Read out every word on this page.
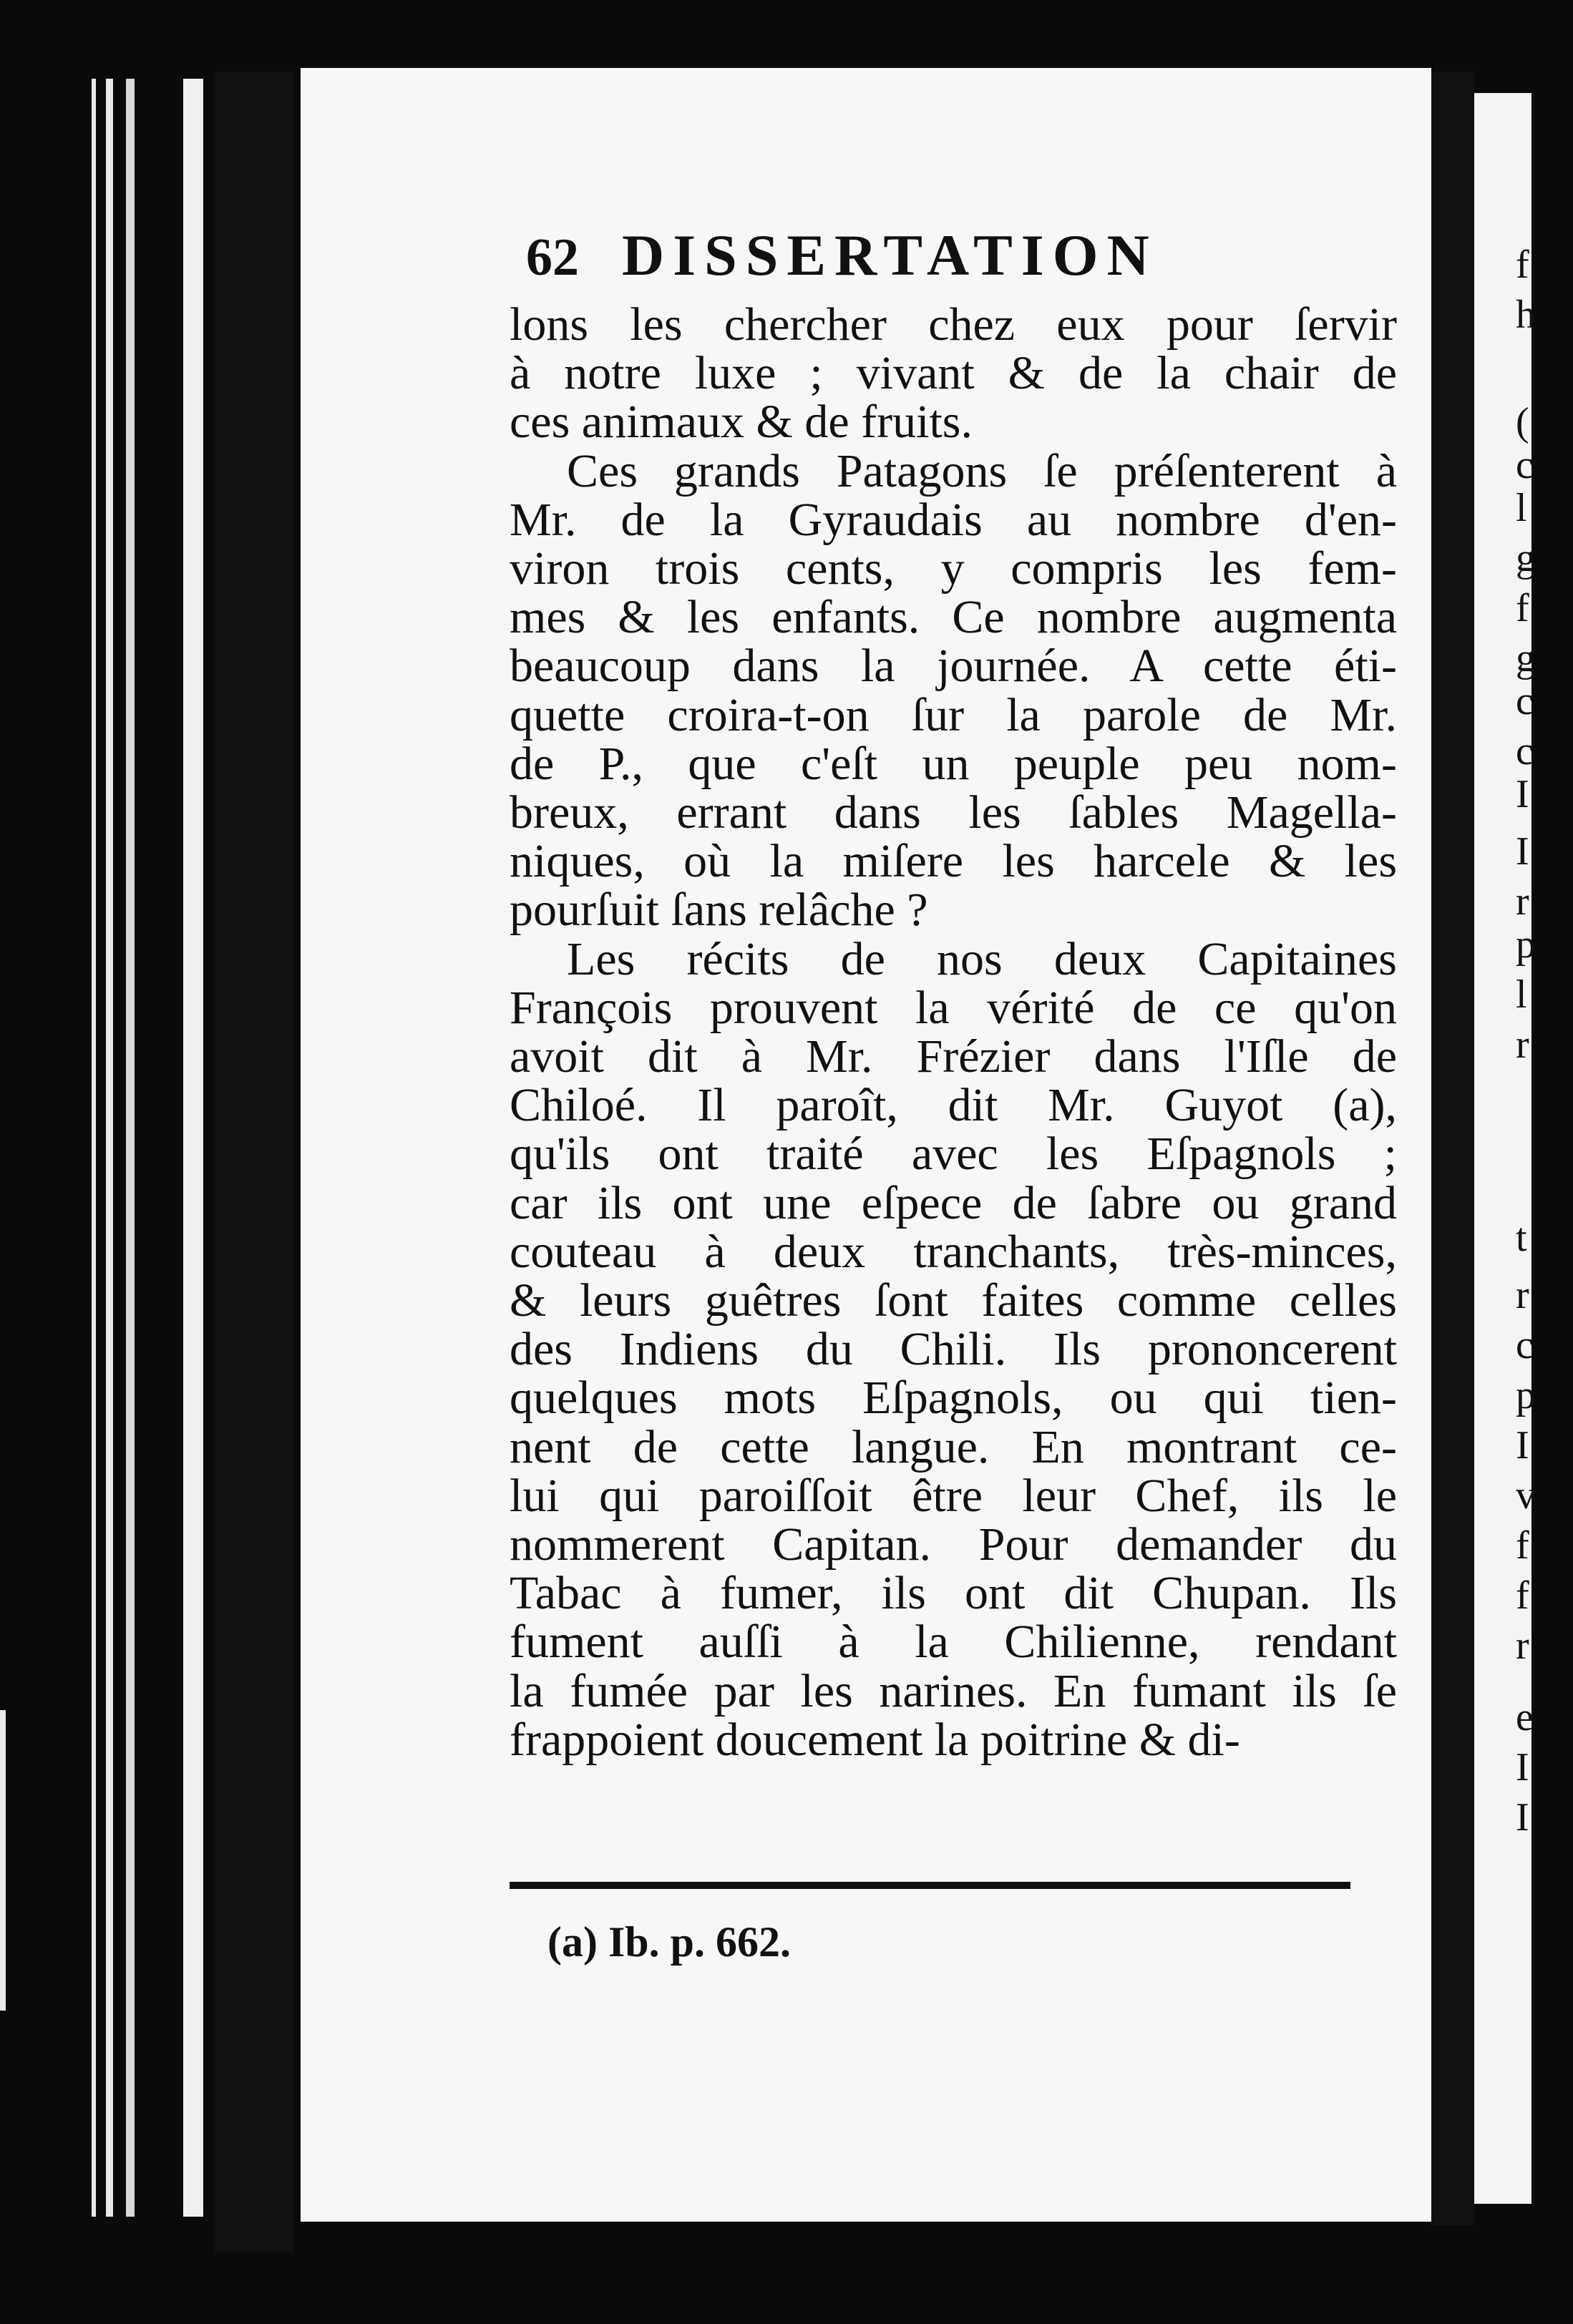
f
h
(
c
l
g
f
g
c
c
I
I
r
p
l
r
t
r
c
p
I
v
f
f
r
e
I
I
62 DISSERTATION
lons les chercher chez eux pour ſervir
à notre luxe ; vivant & de la chair de
ces animaux & de fruits.
Ces grands Patagons ſe préſenterent à
Mr. de la Gyraudais au nombre d'en-
viron trois cents, y compris les fem-
mes & les enfants. Ce nombre augmenta
beaucoup dans la journée. A cette éti-
quette croira-t-on ſur la parole de Mr.
de P., que c'eſt un peuple peu nom-
breux, errant dans les ſables Magella-
niques, où la miſere les harcele & les
pourſuit ſans relâche ?
Les récits de nos deux Capitaines
François prouvent la vérité de ce qu'on
avoit dit à Mr. Frézier dans l'Iſle de
Chiloé. Il paroît, dit Mr. Guyot (a),
qu'ils ont traité avec les Eſpagnols ;
car ils ont une eſpece de ſabre ou grand
couteau à deux tranchants, très-minces,
& leurs guêtres ſont faites comme celles
des Indiens du Chili. Ils prononcerent
quelques mots Eſpagnols, ou qui tien-
nent de cette langue. En montrant ce-
lui qui paroiſſoit être leur Chef, ils le
nommerent Capitan. Pour demander du
Tabac à fumer, ils ont dit Chupan. Ils
fument auſſi à la Chilienne, rendant
la fumée par les narines. En fumant ils ſe
frappoient doucement la poitrine & di-
(a) Ib. p. 662.
